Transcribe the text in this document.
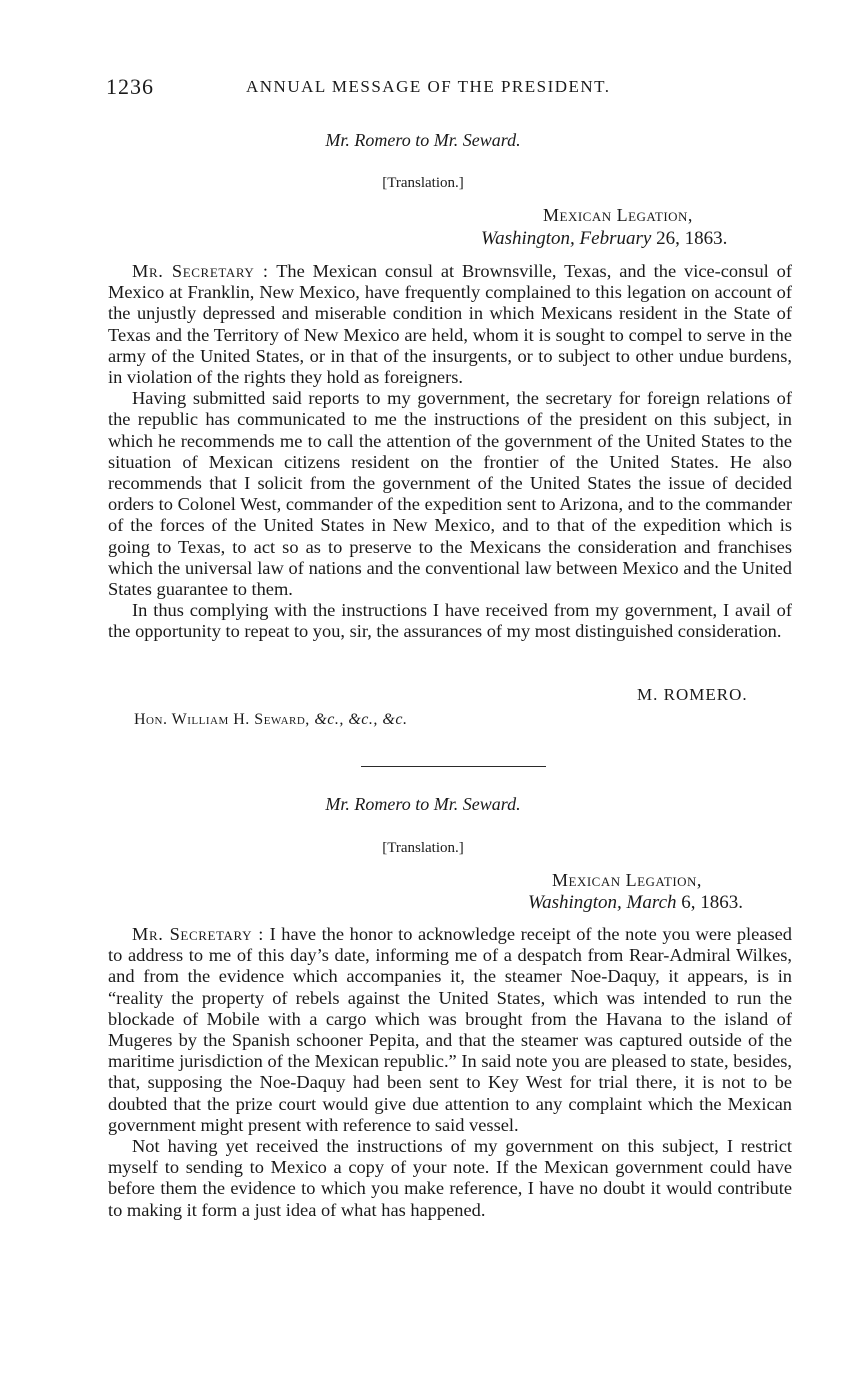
1236	ANNUAL MESSAGE OF THE PRESIDENT.
Mr. Romero to Mr. Seward.
[Translation.]
Mexican Legation,
Washington, February 26, 1863.

Mr. Secretary : The Mexican consul at Brownsville, Texas, and the vice-consul of Mexico at Franklin, New Mexico, have frequently complained to this legation on account of the unjustly depressed and miserable condition in which Mexicans resident in the State of Texas and the Territory of New Mexico are held, whom it is sought to compel to serve in the army of the United States, or in that of the insurgents, or to subject to other undue burdens, in violation of the rights they hold as foreigners.

Having submitted said reports to my government, the secretary for foreign relations of the republic has communicated to me the instructions of the president on this subject, in which he recommends me to call the attention of the government of the United States to the situation of Mexican citizens resident on the frontier of the United States. He also recommends that I solicit from the government of the United States the issue of decided orders to Colonel West, commander of the expedition sent to Arizona, and to the commander of the forces of the United States in New Mexico, and to that of the expedition which is going to Texas, to act so as to preserve to the Mexicans the consideration and franchises which the universal law of nations and the conventional law between Mexico and the United States guarantee to them.

In thus complying with the instructions I have received from my government, I avail of the opportunity to repeat to you, sir, the assurances of my most distinguished consideration.

M. ROMERO.
Hon. William H. Seward, &c., &c., &c.
Mr. Romero to Mr. Seward.
[Translation.]
Mexican Legation,
Washington, March 6, 1863.

Mr. Secretary : I have the honor to acknowledge receipt of the note you were pleased to address to me of this day’s date, informing me of a despatch from Rear-Admiral Wilkes, and from the evidence which accompanies it, the steamer Noe-Daquy, it appears, is in “reality the property of rebels against the United States, which was intended to run the blockade of Mobile with a cargo which was brought from the Havana to the island of Mugeres by the Spanish schooner Pepita, and that the steamer was captured outside of the maritime jurisdiction of the Mexican republic.” In said note you are pleased to state, besides, that, supposing the Noe-Daquy had been sent to Key West for trial there, it is not to be doubted that the prize court would give due attention to any complaint which the Mexican government might present with reference to said vessel.

Not having yet received the instructions of my government on this subject, I restrict myself to sending to Mexico a copy of your note. If the Mexican government could have before them the evidence to which you make reference, I have no doubt it would contribute to making it form a just idea of what has happened.
